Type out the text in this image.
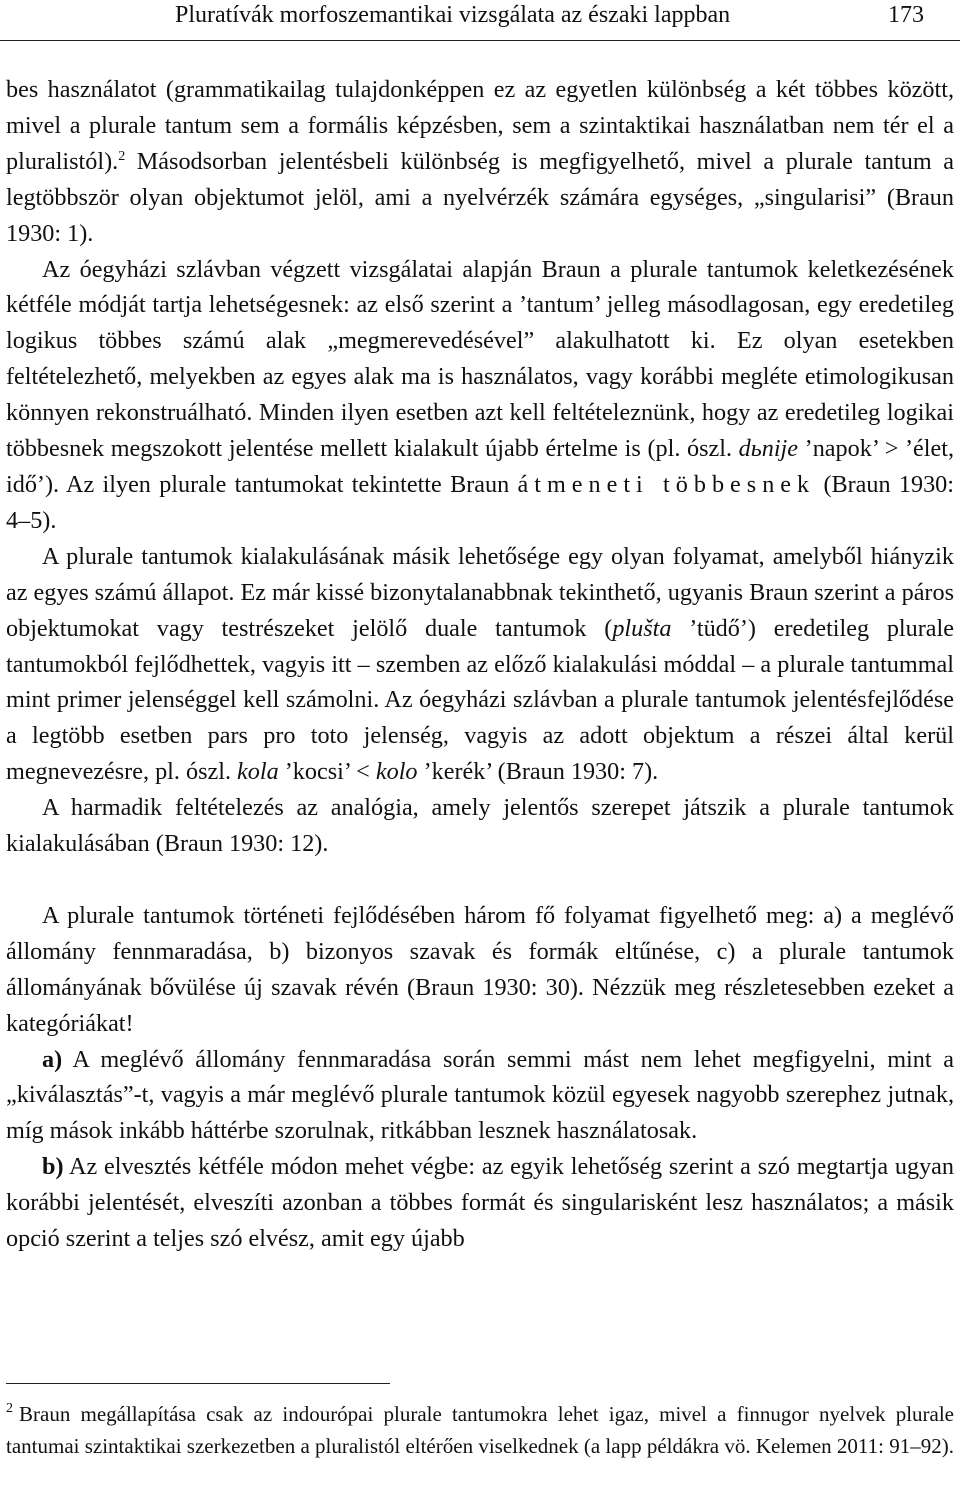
Pluratívák morfoszemantikai vizsgálata az északi lappban	173

bes használatot (grammatikailag tulajdonképpen ez az egyetlen különbség a két többes között, mivel a plurale tantum sem a formális képzésben, sem a szintaktikai használatban nem tér el a pluralistól).$^2$ Másodsorban jelentésbeli különbség is megfigyelhető, mivel a plurale tantum a legtöbbször olyan objektumot jelöl, ami a nyelvérzék számára egységes, „singularisi” (Braun 1930: 1).

Az óegyházi szlávban végzett vizsgálatai alapján Braun a plurale tantumok keletkezésének kétféle módját tartja lehetségesnek: az első szerint a ’tantum’ jelleg másodlagosan, egy eredetileg logikus többes számú alak „megmerevedésével” alakulhatott ki. Ez olyan esetekben feltételezhető, melyekben az egyes alak ma is használatos, vagy korábbi megléte etimologikusan könnyen rekonstruálható. Minden ilyen esetben azt kell feltételeznünk, hogy az eredetileg logikai többesnek megszokott jelentése mellett kialakult újabb értelme is (pl. ószl. dьnije ’napok’ > ’élet, idő’). Az ilyen plurale tantumokat tekintette Braun átmeneti többesnek (Braun 1930: 4–5).

A plurale tantumok kialakulásának másik lehetősége egy olyan folyamat, amelyből hiányzik az egyes számú állapot. Ez már kissé bizonytalanabbnak tekinthető, ugyanis Braun szerint a páros objektumokat vagy testrészeket jelölő duale tantumok (plušta ’tüdő’) eredetileg plurale tantumokból fejlődhettek, vagyis itt – szemben az előző kialakulási móddal – a plurale tantummal mint primer jelenséggel kell számolni. Az óegyházi szlávban a plurale tantumok jelentésfejlődése a legtöbb esetben pars pro toto jelenség, vagyis az adott objektum a részei által kerül megnevezésre, pl. ószl. kola ’kocsi’ < kolo ’kerék’ (Braun 1930: 7).

A harmadik feltételezés az analógia, amely jelentős szerepet játszik a plurale tantumok kialakulásában (Braun 1930: 12).

A plurale tantumok történeti fejlődésében három fő folyamat figyelhető meg: a) a meglévő állomány fennmaradása, b) bizonyos szavak és formák eltűnése, c) a plurale tantumok állományának bővülése új szavak révén (Braun 1930: 30). Nézzük meg részletesebben ezeket a kategóriákat!

a) A meglévő állomány fennmaradása során semmi mást nem lehet megfigyelni, mint a „kiválasztás”-t, vagyis a már meglévő plurale tantumok közül egyesek nagyobb szerephez jutnak, míg mások inkább háttérbe szorulnak, ritkábban lesznek használatosak.

b) Az elvesztés kétféle módon mehet végbe: az egyik lehetőség szerint a szó megtartja ugyan korábbi jelentését, elveszíti azonban a többes formát és singularisként lesz használatos; a másik opció szerint a teljes szó elvész, amit egy újabb

$^2$ Braun megállapítása csak az indourópai plurale tantumokra lehet igaz, mivel a finnugor nyelvek plurale tantumai szintaktikai szerkezetben a pluralistól eltérően viselkednek (a lapp példákra vö. Kelemen 2011: 91–92).
